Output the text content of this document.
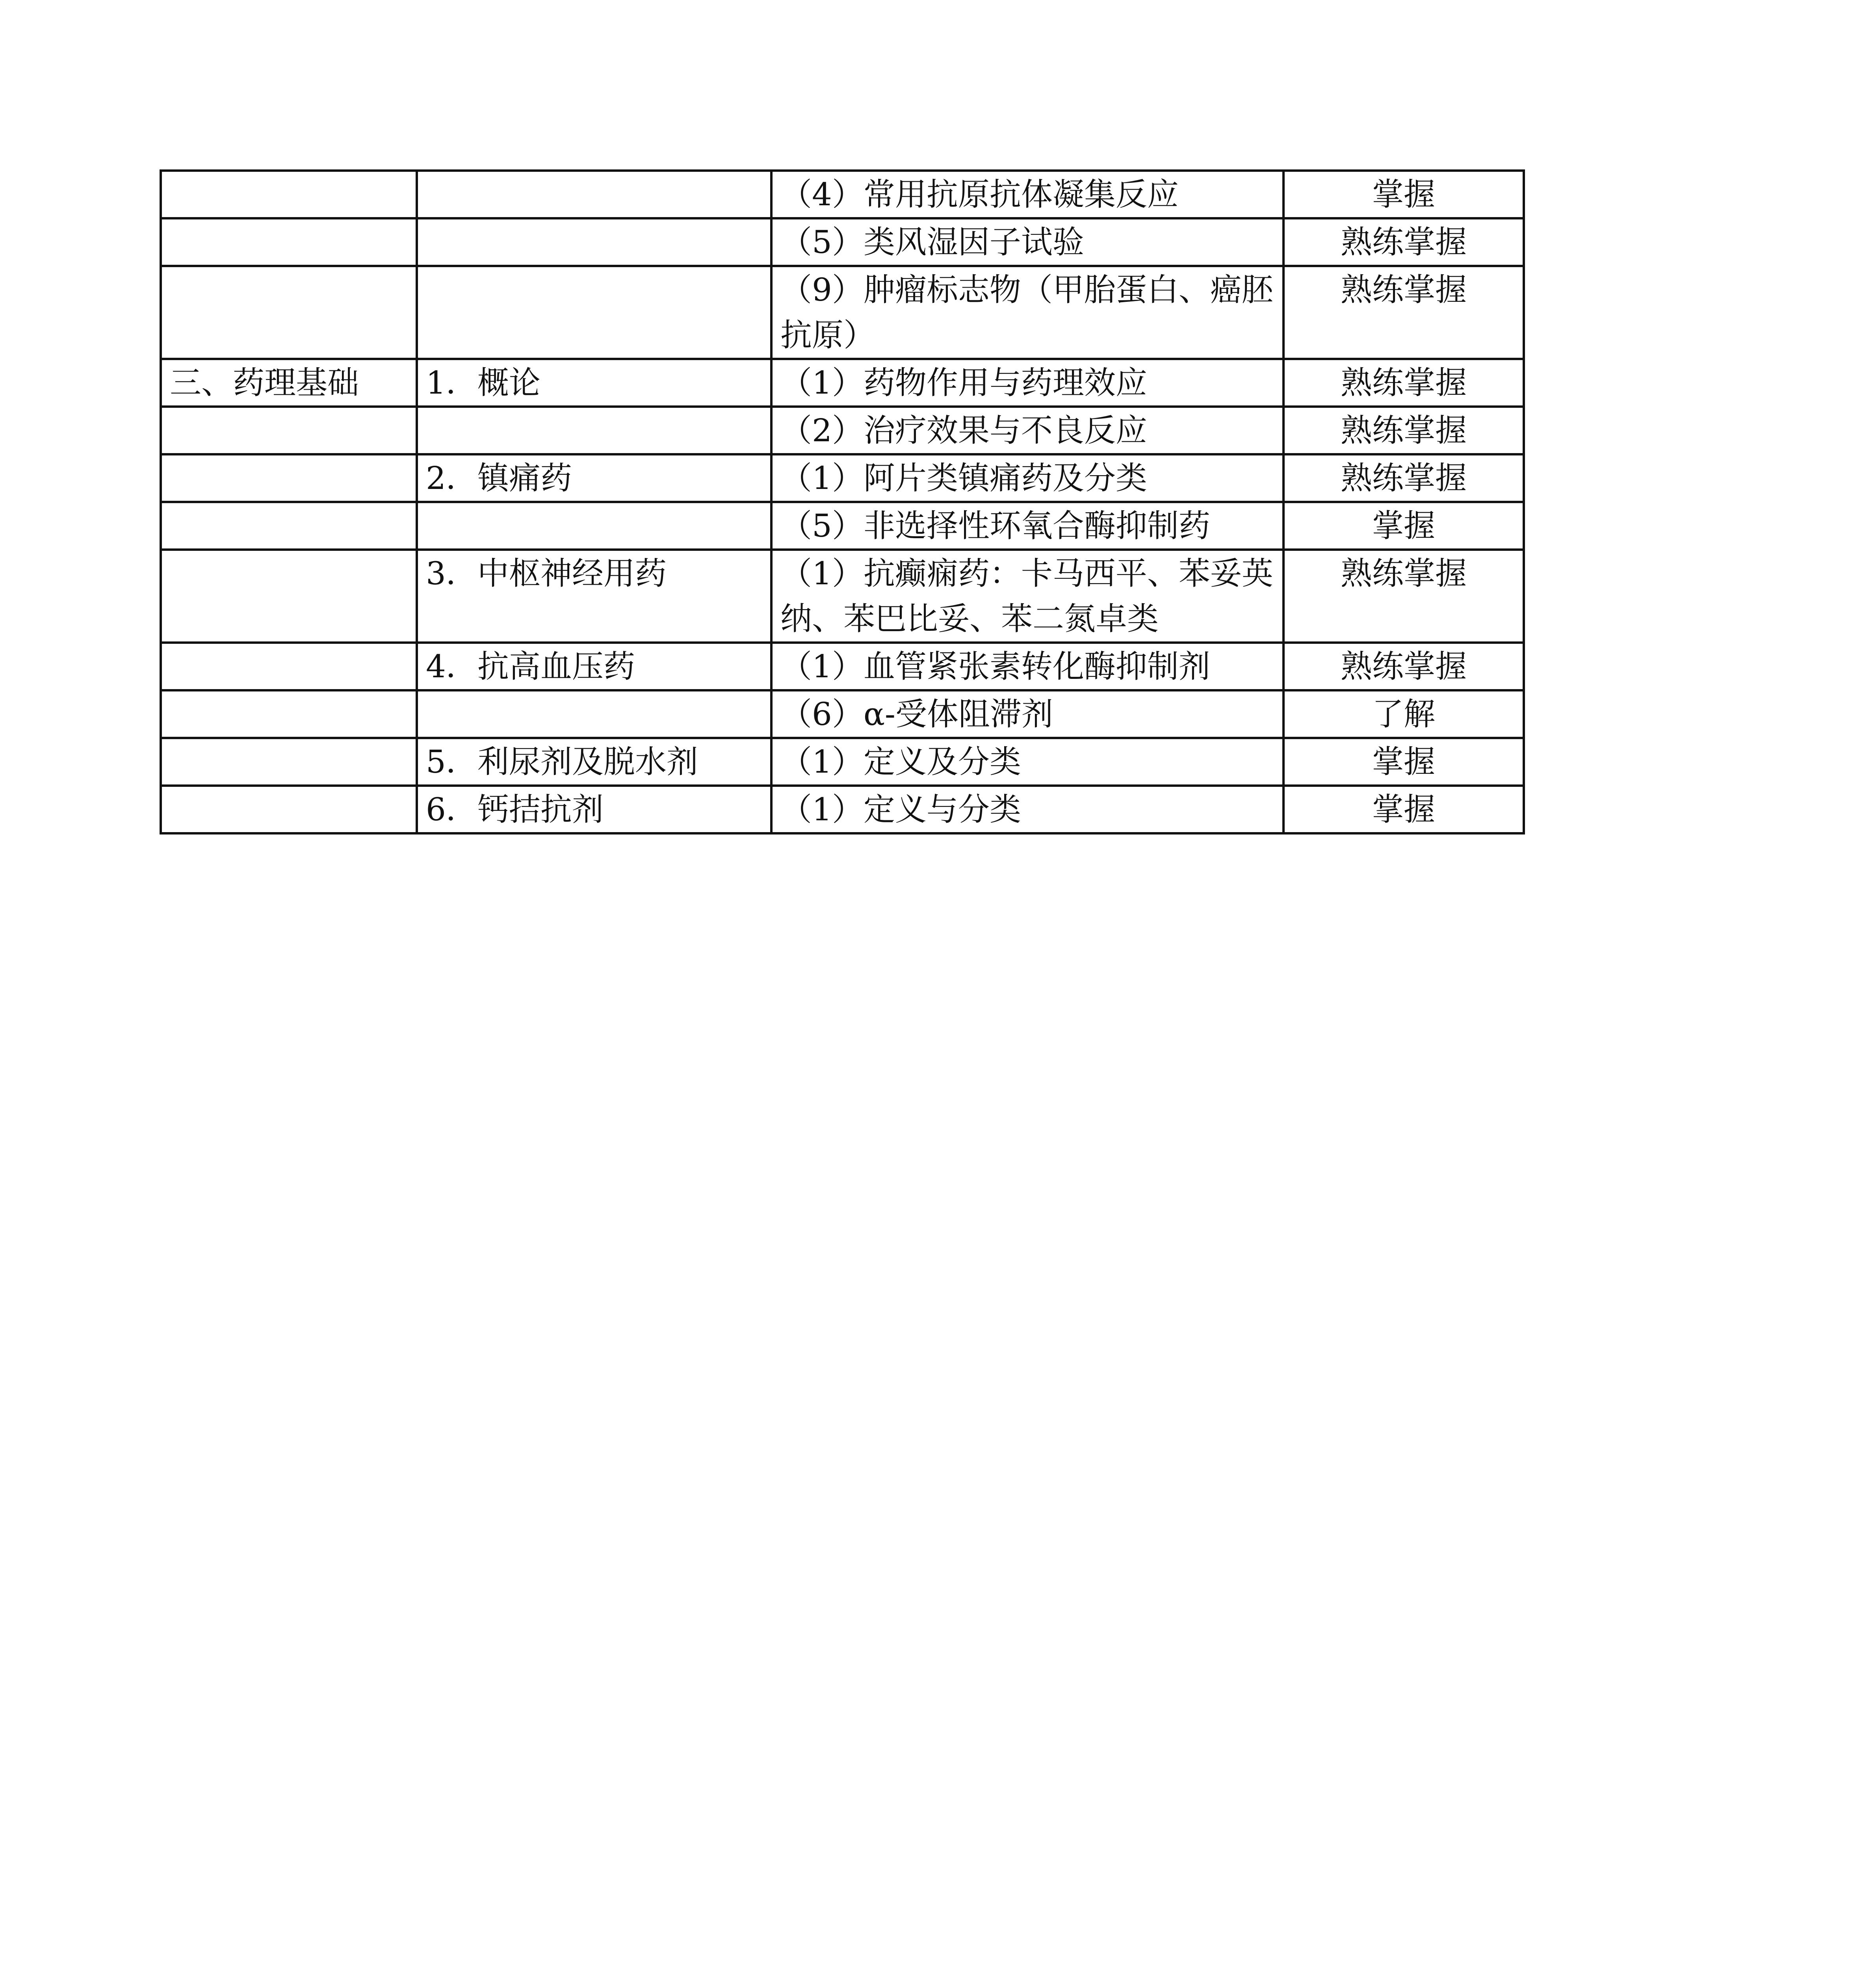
		（4）常用抗原抗体凝集反应	掌握
		（5）类风湿因子试验	熟练掌握
		（9）肿瘤标志物（甲胎蛋白、癌胚抗原）	熟练掌握
三、药理基础	1．概论	（1）药物作用与药理效应	熟练掌握
		（2）治疗效果与不良反应	熟练掌握
	2．镇痛药	（1）阿片类镇痛药及分类	熟练掌握
		（5）非选择性环氧合酶抑制药	掌握
	3．中枢神经用药	（1）抗癫痫药：卡马西平、苯妥英纳、苯巴比妥、苯二氮卓类	熟练掌握
	4．抗高血压药	（1）血管紧张素转化酶抑制剂	熟练掌握
		（6）α-受体阻滞剂	了解
	5．利尿剂及脱水剂	（1）定义及分类	掌握
	6．钙拮抗剂	（1）定义与分类	掌握
